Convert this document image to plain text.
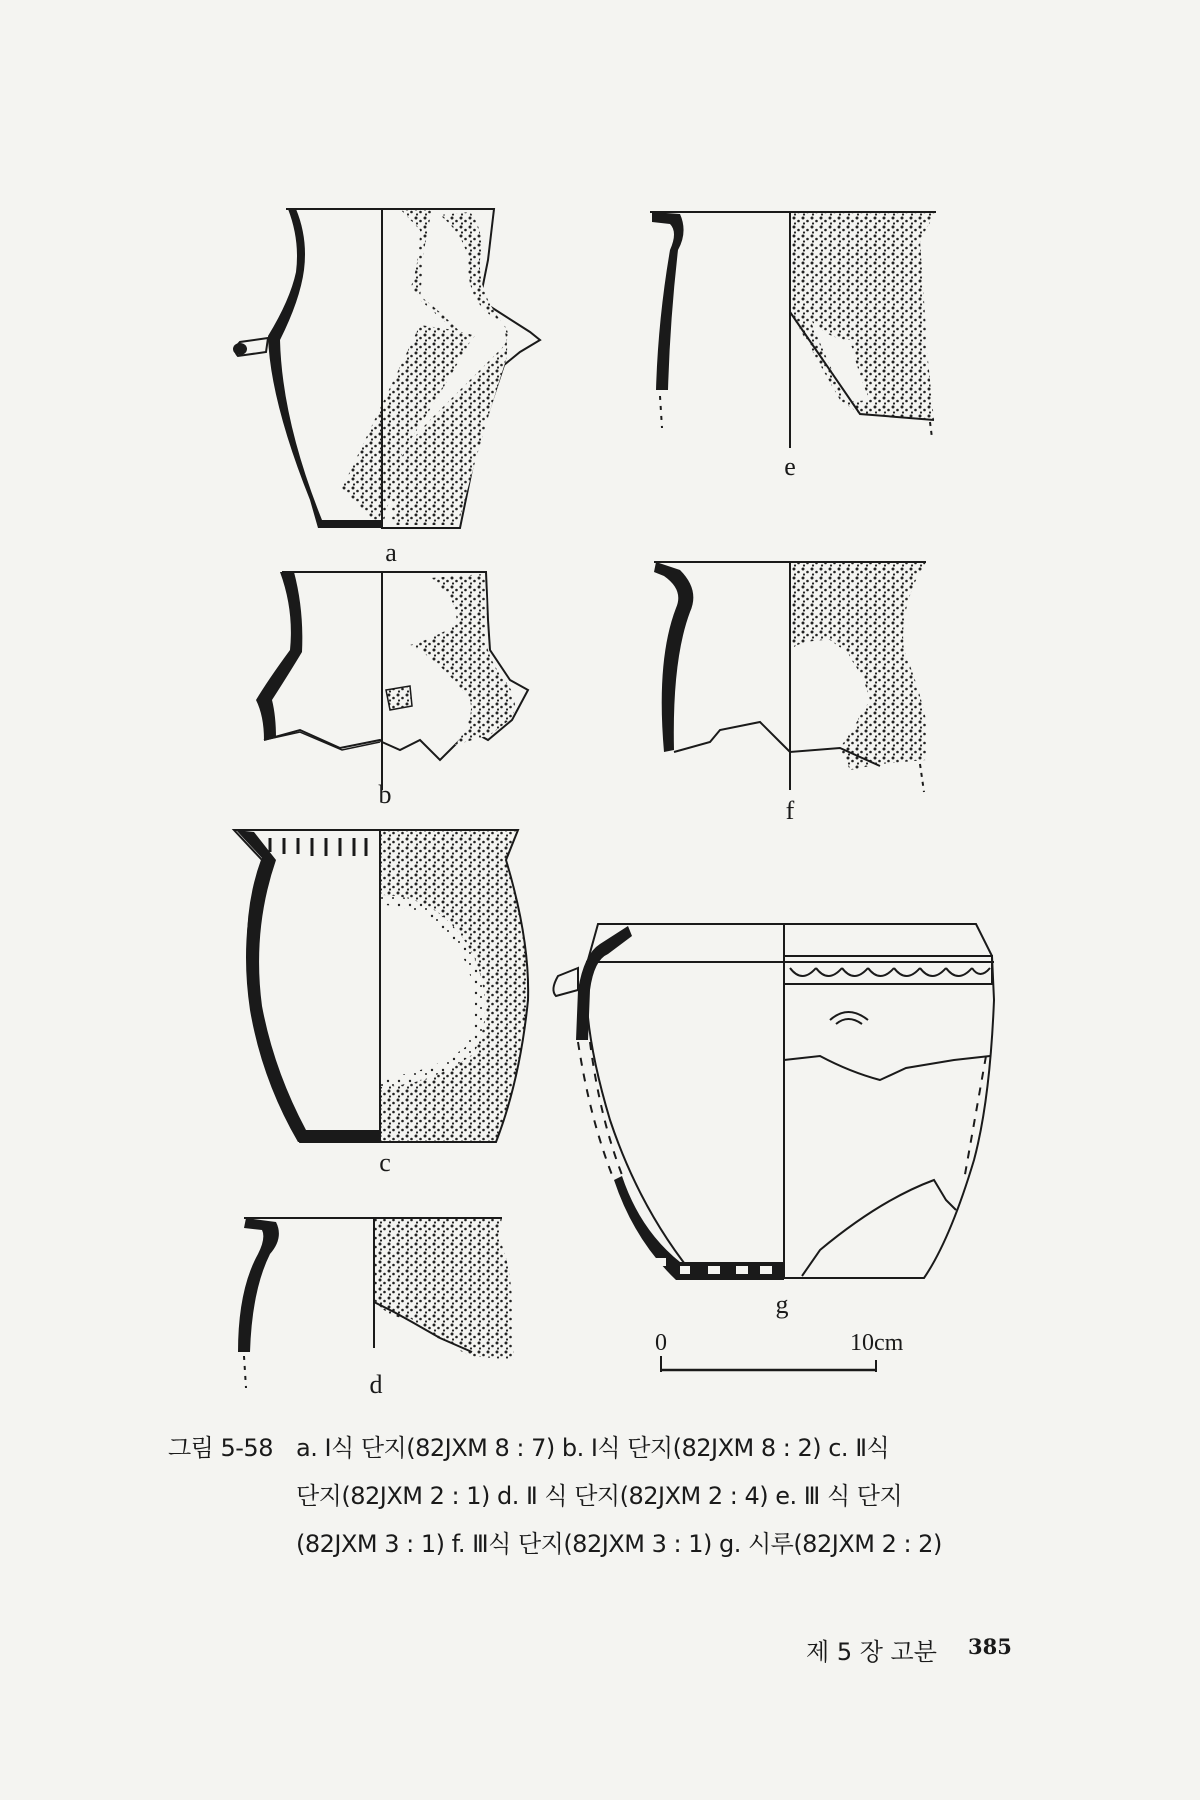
a
b
c
d
e
f
g
0	10cm
그림 5-58 a. Ⅰ식 단지(82JXM 8 : 7) b. Ⅰ식 단지(82JXM 8 : 2) c. Ⅱ식
단지(82JXM 2 : 1) d. Ⅱ 식 단지(82JXM 2 : 4) e. Ⅲ 식 단지
(82JXM 3 : 1) f. Ⅲ식 단지(82JXM 3 : 1) g. 시루(82JXM 2 : 2)
제 5 장 고분 385
